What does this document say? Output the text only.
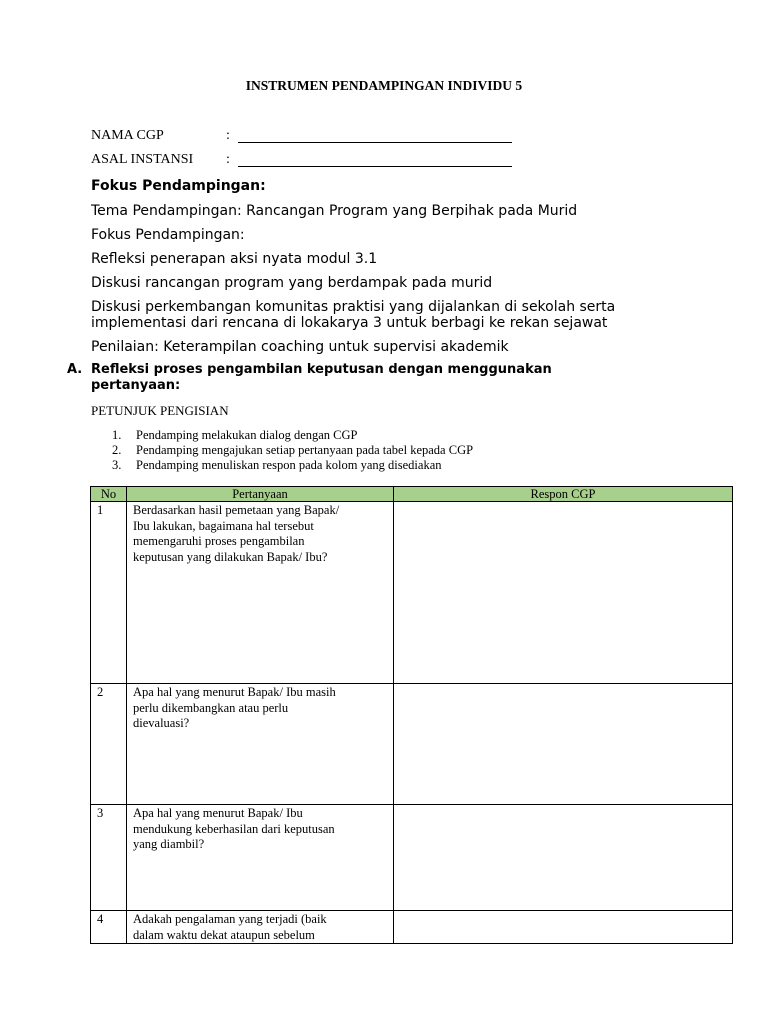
INSTRUMEN PENDAMPINGAN INDIVIDU 5
NAMA CGP	:
ASAL INSTANSI :
Fokus Pendampingan:
Tema Pendampingan: Rancangan Program yang Berpihak pada Murid
Fokus Pendampingan:
Refleksi penerapan aksi nyata modul 3.1
Diskusi rancangan program yang berdampak pada murid
Diskusi perkembangan komunitas praktisi yang dijalankan di sekolah serta
implementasi dari rencana di lokakarya 3 untuk berbagi ke rekan sejawat
Penilaian: Keterampilan coaching untuk supervisi akademik
A. Refleksi proses pengambilan keputusan dengan menggunakan pertanyaan:
PETUNJUK PENGISIAN
1. Pendamping melakukan dialog dengan CGP
2. Pendamping mengajukan setiap pertanyaan pada tabel kepada CGP
3. Pendamping menuliskan respon pada kolom yang disediakan
No	Pertanyaan	Respon CGP
1	Berdasarkan hasil pemetaan yang Bapak/
Ibu lakukan, bagaimana hal tersebut
memengaruhi proses pengambilan
keputusan yang dilakukan Bapak/ Ibu?	
2	Apa hal yang menurut Bapak/ Ibu masih
perlu dikembangkan atau perlu
dievaluasi?	
3	Apa hal yang menurut Bapak/ Ibu
mendukung keberhasilan dari keputusan
yang diambil?	
4	Adakah pengalaman yang terjadi (baik
dalam waktu dekat ataupun sebelum	
